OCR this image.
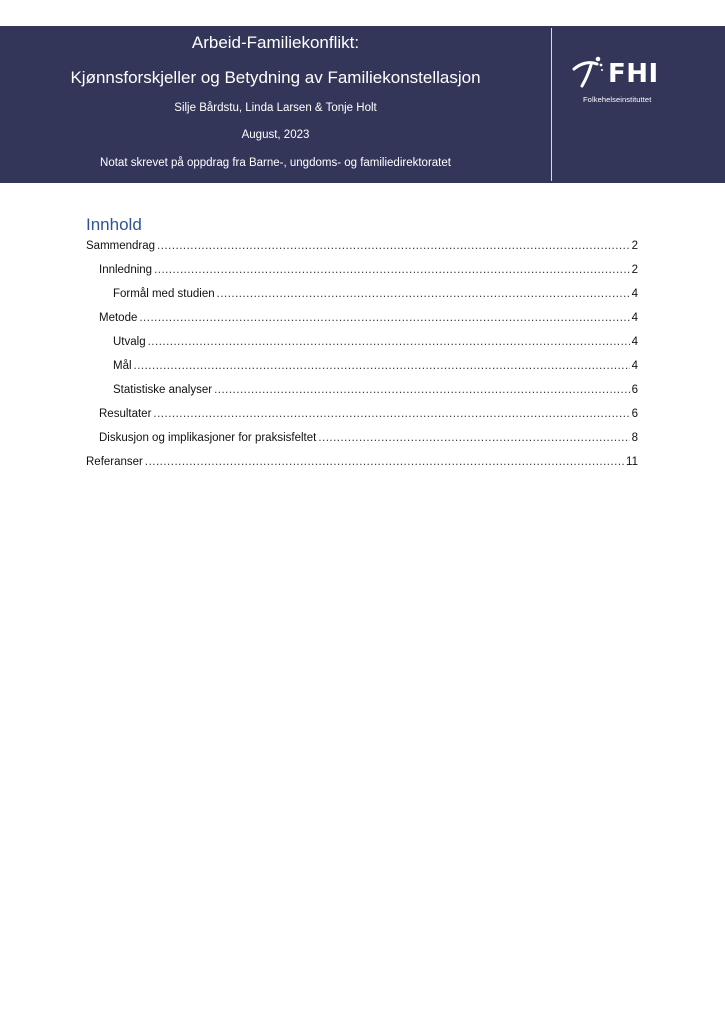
Arbeid-Familiekonflikt:
Kjønnsforskjeller og Betydning av Familiekonstellasjon
Silje Bårdstu, Linda Larsen & Tonje Holt
August, 2023
Notat skrevet på oppdrag fra Barne-, ungdoms- og familiedirektoratet
FHI
Folkehelseinstituttet
Innhold
Sammendrag .....	2
Innledning .....	2
Formål med studien .....	4
Metode .....	4
Utvalg .....	4
Mål .....	4
Statistiske analyser .....	6
Resultater .....	6
Diskusjon og implikasjoner for praksisfeltet .....	8
Referanser .....	11
